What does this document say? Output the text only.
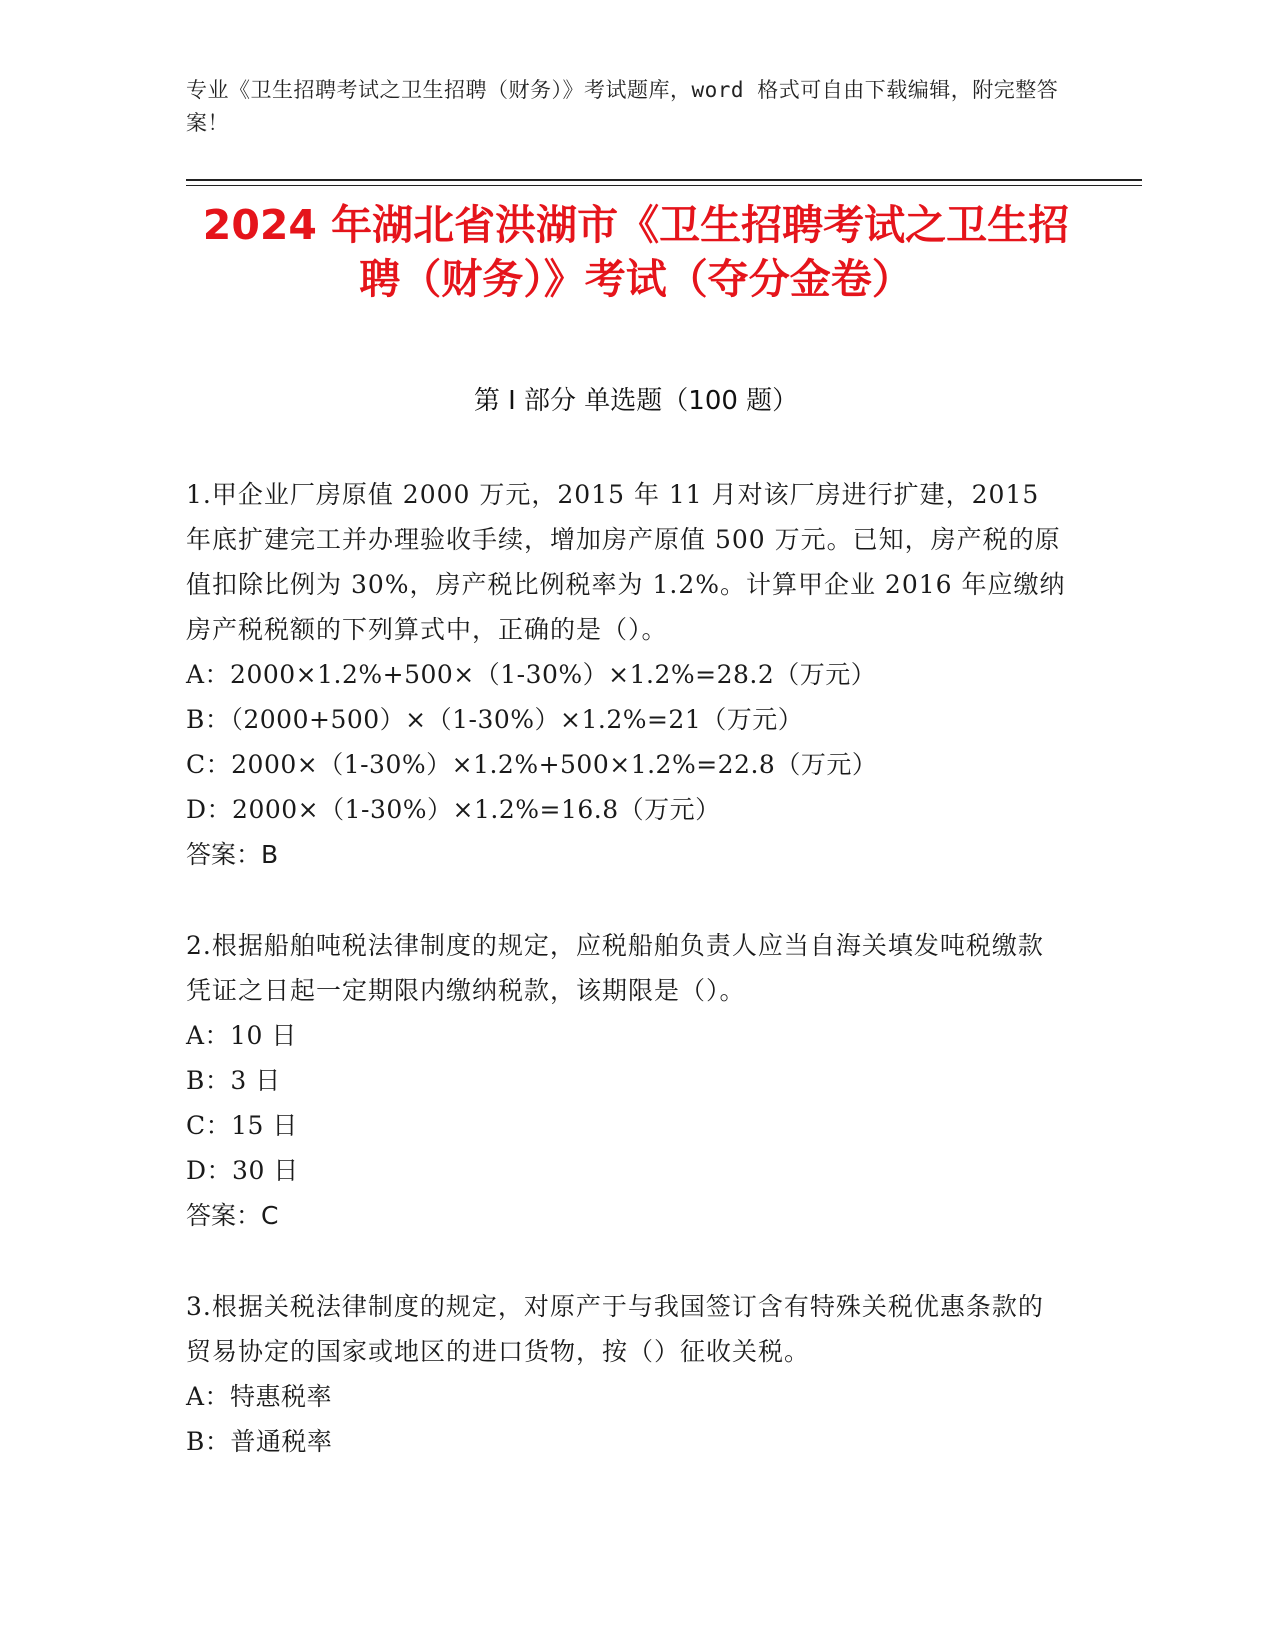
专业《卫生招聘考试之卫生招聘（财务）》考试题库，word 格式可自由下载编辑，附完整答案！
2024 年湖北省洪湖市《卫生招聘考试之卫生招聘（财务）》考试（夺分金卷）
第 I 部分 单选题（100 题）
1.甲企业厂房原值 2000 万元，2015 年 11 月对该厂房进行扩建，2015 年底扩建完工并办理验收手续，增加房产原值 500 万元。已知，房产税的原值扣除比例为 30%，房产税比例税率为 1.2%。计算甲企业 2016 年应缴纳房产税税额的下列算式中，正确的是（）。
A：2000×1.2%+500×（1-30%）×1.2%=28.2（万元）
B：（2000+500）×（1-30%）×1.2%=21（万元）
C：2000×（1-30%）×1.2%+500×1.2%=22.8（万元）
D：2000×（1-30%）×1.2%=16.8（万元）
答案：B
2.根据船舶吨税法律制度的规定，应税船舶负责人应当自海关填发吨税缴款凭证之日起一定期限内缴纳税款，该期限是（）。
A：10 日
B：3 日
C：15 日
D：30 日
答案：C
3.根据关税法律制度的规定，对原产于与我国签订含有特殊关税优惠条款的贸易协定的国家或地区的进口货物，按（）征收关税。
A：特惠税率
B：普通税率
